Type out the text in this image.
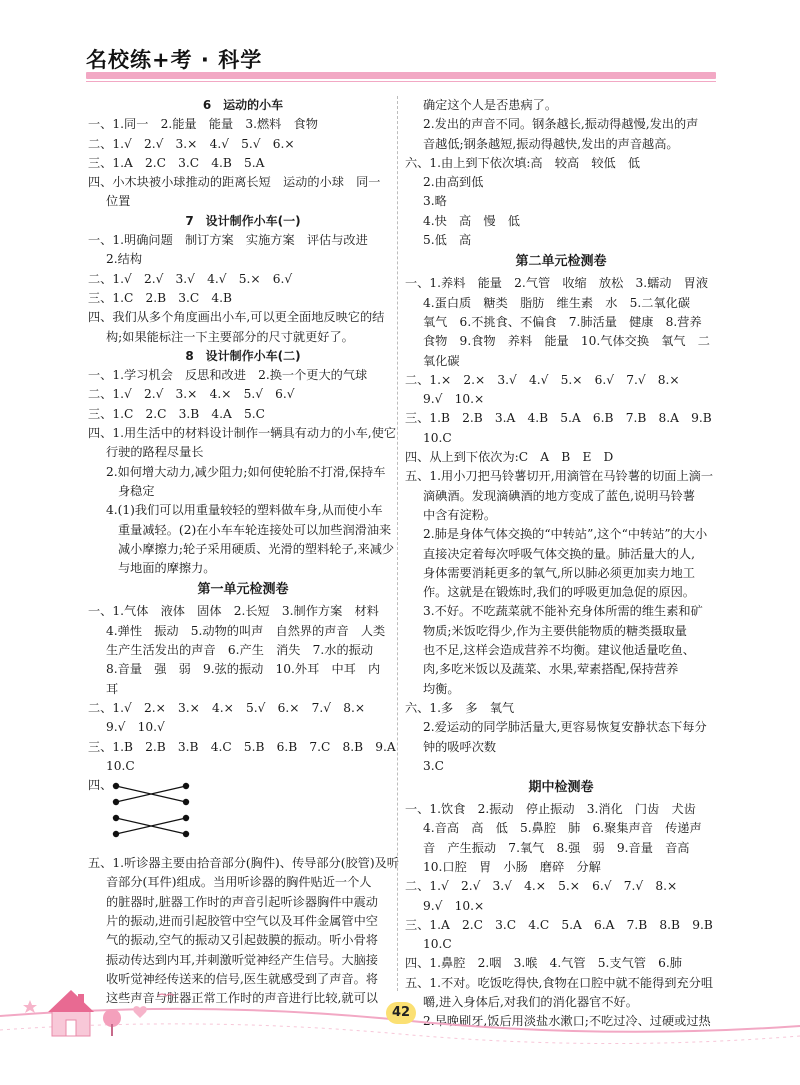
名校练+考 · 科学
6　运动的小车
一、1.同一　2.能量　能量　3.燃料　食物
二、1.√　2.√　3.×　4.√　5.√　6.×
三、1.A　2.C　3.C　4.B　5.A
四、小木块被小球推动的距离长短　运动的小球　同一
位置
7　设计制作小车(一)
一、1.明确问题　制订方案　实施方案　评估与改进
2.结构
二、1.√　2.√　3.√　4.√　5.×　6.√
三、1.C　2.B　3.C　4.B
四、我们从多个角度画出小车,可以更全面地反映它的结
构;如果能标注一下主要部分的尺寸就更好了。
8　设计制作小车(二)
一、1.学习机会　反思和改进　2.换一个更大的气球
二、1.√　2.√　3.×　4.×　5.√　6.√
三、1.C　2.C　3.B　4.A　5.C
四、1.用生活中的材料设计制作一辆具有动力的小车,使它
行驶的路程尽量长
2.如何增大动力,减少阻力;如何使轮胎不打滑,保持车
身稳定
4.(1)我们可以用重量较轻的塑料做车身,从而使小车
重量减轻。(2)在小车车轮连接处可以加些润滑油来
减小摩擦力;轮子采用硬质、光滑的塑料轮子,来减少
与地面的摩擦力。
第一单元检测卷
一、1.气体　液体　固体　2.长短　3.制作方案　材料
4.弹性　振动　5.动物的叫声　自然界的声音　人类
生产生活发出的声音　6.产生　消失　7.水的振动
8.音量　强　弱　9.弦的振动　10.外耳　中耳　内
耳
二、1.√　2.×　3.×　4.×　5.√　6.×　7.√　8.×
9.√　10.√
三、1.B　2.B　3.B　4.C　5.B　6.B　7.C　8.B　9.A
10.C
四、
五、1.听诊器主要由拾音部分(胸件)、传导部分(胶管)及听
音部分(耳件)组成。当用听诊器的胸件贴近一个人
的脏器时,脏器工作时的声音引起听诊器胸件中震动
片的振动,进而引起胶管中空气以及耳件金属管中空
气的振动,空气的振动又引起鼓膜的振动。听小骨将
振动传达到内耳,并刺激听觉神经产生信号。大脑接
收听觉神经传送来的信号,医生就感受到了声音。将
这些声音与脏器正常工作时的声音进行比较,就可以
确定这个人是否患病了。
2.发出的声音不同。钢条越长,振动得越慢,发出的声
音越低;钢条越短,振动得越快,发出的声音越高。
六、1.由上到下依次填:高　较高　较低　低
2.由高到低
3.略
4.快　高　慢　低
5.低　高
第二单元检测卷
一、1.养料　能量　2.气管　收缩　放松　3.蠕动　胃液
4.蛋白质　糖类　脂肪　维生素　水　5.二氧化碳
氧气　6.不挑食、不偏食　7.肺活量　健康　8.营养
食物　9.食物　养料　能量　10.气体交换　氧气　二
氧化碳
二、1.×　2.×　3.√　4.√　5.×　6.√　7.√　8.×
9.√　10.×
三、1.B　2.B　3.A　4.B　5.A　6.B　7.B　8.A　9.B
10.C
四、从上到下依次为:C　A　B　E　D
五、1.用小刀把马铃薯切开,用滴管在马铃薯的切面上滴一
滴碘酒。发现滴碘酒的地方变成了蓝色,说明马铃薯
中含有淀粉。
2.肺是身体气体交换的“中转站”,这个“中转站”的大小
直接决定着每次呼吸气体交换的量。肺活量大的人,
身体需要消耗更多的氧气,所以肺必须更加卖力地工
作。这就是在锻炼时,我们的呼吸更加急促的原因。
3.不好。不吃蔬菜就不能补充身体所需的维生素和矿
物质;米饭吃得少,作为主要供能物质的糖类摄取量
也不足,这样会造成营养不均衡。建议他适量吃鱼、
肉,多吃米饭以及蔬菜、水果,荤素搭配,保持营养
均衡。
六、1.多　多　氧气
2.爱运动的同学肺活量大,更容易恢复安静状态下每分
钟的吸呼次数
3.C
期中检测卷
一、1.饮食　2.振动　停止振动　3.消化　门齿　犬齿
4.音高　高　低　5.鼻腔　肺　6.聚集声音　传递声
音　产生振动　7.氧气　8.强　弱　9.音量　音高
10.口腔　胃　小肠　磨碎　分解
二、1.√　2.√　3.√　4.×　5.×　6.√　7.√　8.×
9.√　10.×
三、1.A　2.C　3.C　4.C　5.A　6.A　7.B　8.B　9.B
10.C
四、1.鼻腔　2.咽　3.喉　4.气管　5.支气管　6.肺
五、1.不对。吃饭吃得快,食物在口腔中就不能得到充分咀
嚼,进入身体后,对我们的消化器官不好。
2.早晚刷牙,饭后用淡盐水漱口;不吃过冷、过硬或过热
42
